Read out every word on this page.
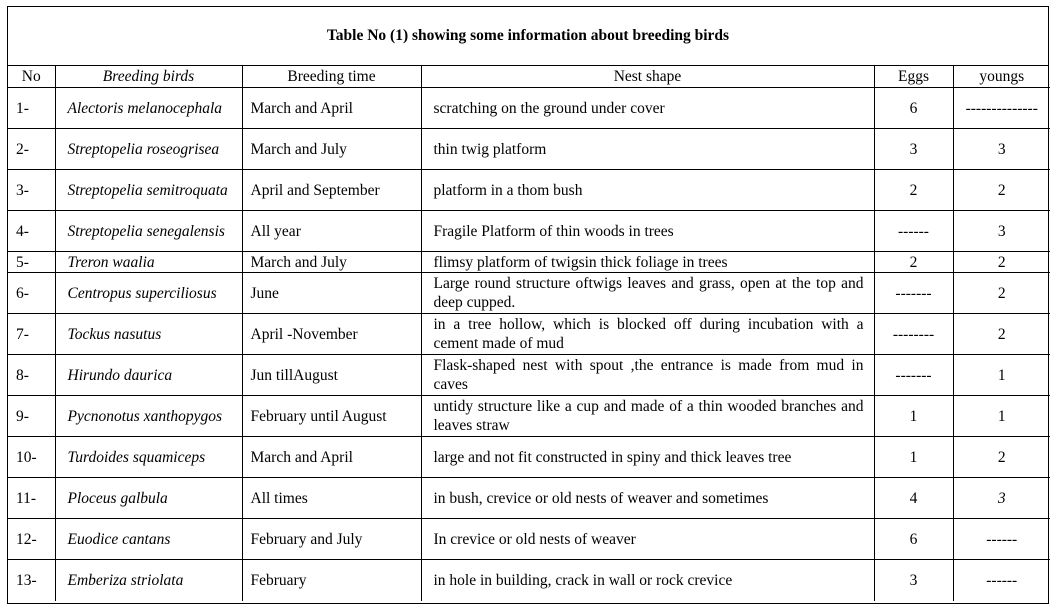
Table No (1) showing some information about breeding birds
No	Breeding birds	Breeding time	Nest shape	Eggs	youngs
1-	Alectoris melanocephala	March and April	scratching on the ground under cover	6	--------------
2-	Streptopelia roseogrisea	March and July	thin twig platform	3	3
3-	Streptopelia semitroquata	April and September	platform in a thom bush	2	2
4-	Streptopelia senegalensis	All year	Fragile Platform of thin woods in trees	------	3
5-	Treron waalia	March and July	flimsy platform of twigsin thick foliage in trees	2	2
6-	Centropus superciliosus	June	Large round structure oftwigs leaves and grass, open at the top and deep cupped.	-------	2
7-	Tockus nasutus	April -November	in a tree hollow, which is blocked off during incubation with a cement made of mud	--------	2
8-	Hirundo daurica	Jun tillAugust	Flask-shaped nest with spout ,the entrance is made from mud in caves	-------	1
9-	Pycnonotus xanthopygos	February until August	untidy structure like a cup and made of a thin wooded branches and leaves straw	1	1
10-	Turdoides squamiceps	March and April	large and not fit constructed in spiny and thick leaves tree	1	2
11-	Ploceus galbula	All times	in bush, crevice or old nests of weaver and sometimes	4	3
12-	Euodice cantans	February and July	In crevice or old nests of weaver	6	------
13-	Emberiza striolata	February	in hole in building, crack in wall or rock crevice	3	------
